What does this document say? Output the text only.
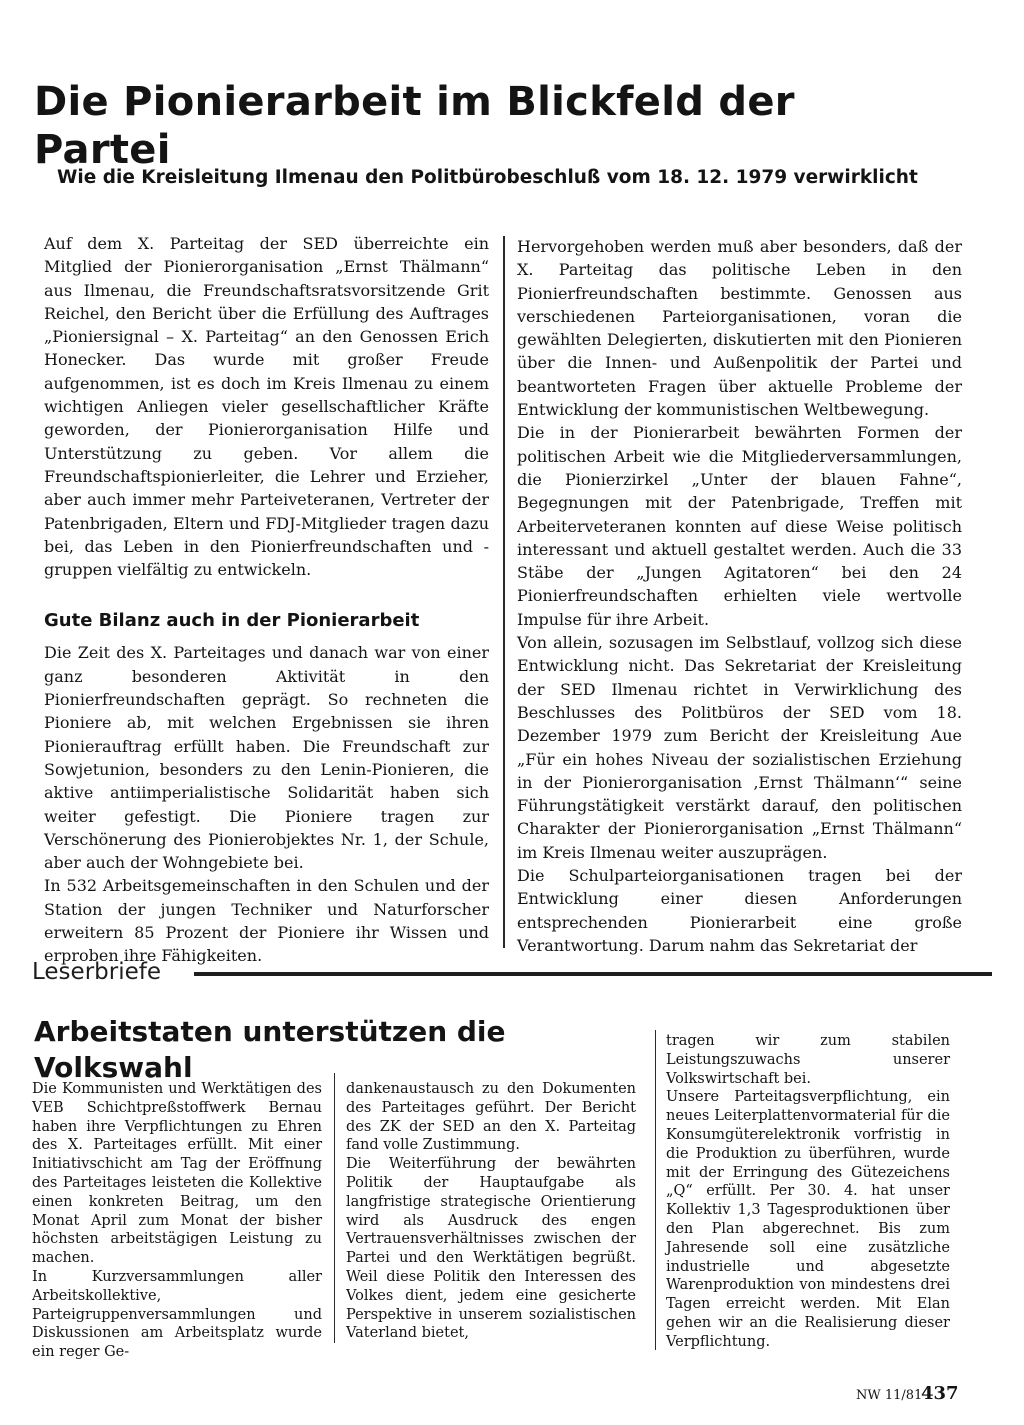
Die Pionierarbeit im Blickfeld der Partei
Wie die Kreisleitung Ilmenau den Politbürobeschluß vom 18. 12. 1979 verwirklicht

Auf dem X. Parteitag der SED überreichte ein Mitglied der Pionierorganisation „Ernst Thälmann“ aus Ilmenau, die Freundschaftsratsvorsitzende Grit Reichel, den Bericht über die Erfüllung des Auftrages „Pioniersignal – X. Parteitag“ an den Genossen Erich Honecker. Das wurde mit großer Freude aufgenommen, ist es doch im Kreis Ilmenau zu einem wichtigen Anliegen vieler gesellschaftlicher Kräfte geworden, der Pionierorganisation Hilfe und Unterstützung zu geben. Vor allem die Freundschaftspionierleiter, die Lehrer und Erzieher, aber auch immer mehr Parteiveteranen, Vertreter der Patenbrigaden, Eltern und FDJ-Mitglieder tragen dazu bei, das Leben in den Pionierfreundschaften und -gruppen vielfältig zu entwickeln.

Gute Bilanz auch in der Pionierarbeit

Die Zeit des X. Parteitages und danach war von einer ganz besonderen Aktivität in den Pionierfreundschaften geprägt. So rechneten die Pioniere ab, mit welchen Ergebnissen sie ihren Pionierauftrag erfüllt haben. Die Freundschaft zur Sowjetunion, besonders zu den Lenin-Pionieren, die aktive antiimperialistische Solidarität haben sich weiter gefestigt. Die Pioniere tragen zur Verschönerung des Pionierobjektes Nr. 1, der Schule, aber auch der Wohngebiete bei.

In 532 Arbeitsgemeinschaften in den Schulen und der Station der jungen Techniker und Naturforscher erweitern 85 Prozent der Pioniere ihr Wissen und erproben ihre Fähigkeiten.

Hervorgehoben werden muß aber besonders, daß der X. Parteitag das politische Leben in den Pionierfreundschaften bestimmte. Genossen aus verschiedenen Parteiorganisationen, voran die gewählten Delegierten, diskutierten mit den Pionieren über die Innen- und Außenpolitik der Partei und beantworteten Fragen über aktuelle Probleme der Entwicklung der kommunistischen Weltbewegung.

Die in der Pionierarbeit bewährten Formen der politischen Arbeit wie die Mitgliederversammlungen, die Pionierzirkel „Unter der blauen Fahne“, Begegnungen mit der Patenbrigade, Treffen mit Arbeiterveteranen konnten auf diese Weise politisch interessant und aktuell gestaltet werden. Auch die 33 Stäbe der „Jungen Agitatoren“ bei den 24 Pionierfreundschaften erhielten viele wertvolle Impulse für ihre Arbeit.

Von allein, sozusagen im Selbstlauf, vollzog sich diese Entwicklung nicht. Das Sekretariat der Kreisleitung der SED Ilmenau richtet in Verwirklichung des Beschlusses des Politbüros der SED vom 18. Dezember 1979 zum Bericht der Kreisleitung Aue „Für ein hohes Niveau der sozialistischen Erziehung in der Pionierorganisation ‚Ernst Thälmann‘“ seine Führungstätigkeit verstärkt darauf, den politischen Charakter der Pionierorganisation „Ernst Thälmann“ im Kreis Ilmenau weiter auszuprägen.

Die Schulparteiorganisationen tragen bei der Entwicklung einer diesen Anforderungen entsprechenden Pionierarbeit eine große Verantwortung. Darum nahm das Sekretariat der

Leserbriefe
Arbeitstaten unterstützen die Volkswahl

Die Kommunisten und Werktätigen des VEB Schichtpreßstoffwerk Bernau haben ihre Verpflichtungen zu Ehren des X. Parteitages erfüllt. Mit einer Initiativschicht am Tag der Eröffnung des Parteitages leisteten die Kollektive einen konkreten Beitrag, um den Monat April zum Monat der bisher höchsten arbeitstägigen Leistung zu machen.

In Kurzversammlungen aller Arbeitskollektive, Parteigruppenversammlungen und Diskussionen am Arbeitsplatz wurde ein reger Ge-

dankenaustausch zu den Dokumenten des Parteitages geführt. Der Bericht des ZK der SED an den X. Parteitag fand volle Zustimmung.

Die Weiterführung der bewährten Politik der Hauptaufgabe als langfristige strategische Orientierung wird als Ausdruck des engen Vertrauensverhältnisses zwischen der Partei und den Werktätigen begrüßt. Weil diese Politik den Interessen des Volkes dient, jedem eine gesicherte Perspektive in unserem sozialistischen Vaterland bietet,

tragen wir zum stabilen Leistungszuwachs unserer Volkswirtschaft bei.

Unsere Parteitagsverpflichtung, ein neues Leiterplattenvormaterial für die Konsumgüterelektronik vorfristig in die Produktion zu überführen, wurde mit der Erringung des Gütezeichens „Q“ erfüllt. Per 30. 4. hat unser Kollektiv 1,3 Tagesproduktionen über den Plan abgerechnet. Bis zum Jahresende soll eine zusätzliche industrielle und abgesetzte Warenproduktion von mindestens drei Tagen erreicht werden. Mit Elan gehen wir an die Realisierung dieser Verpflichtung.

NW 11/81
437
